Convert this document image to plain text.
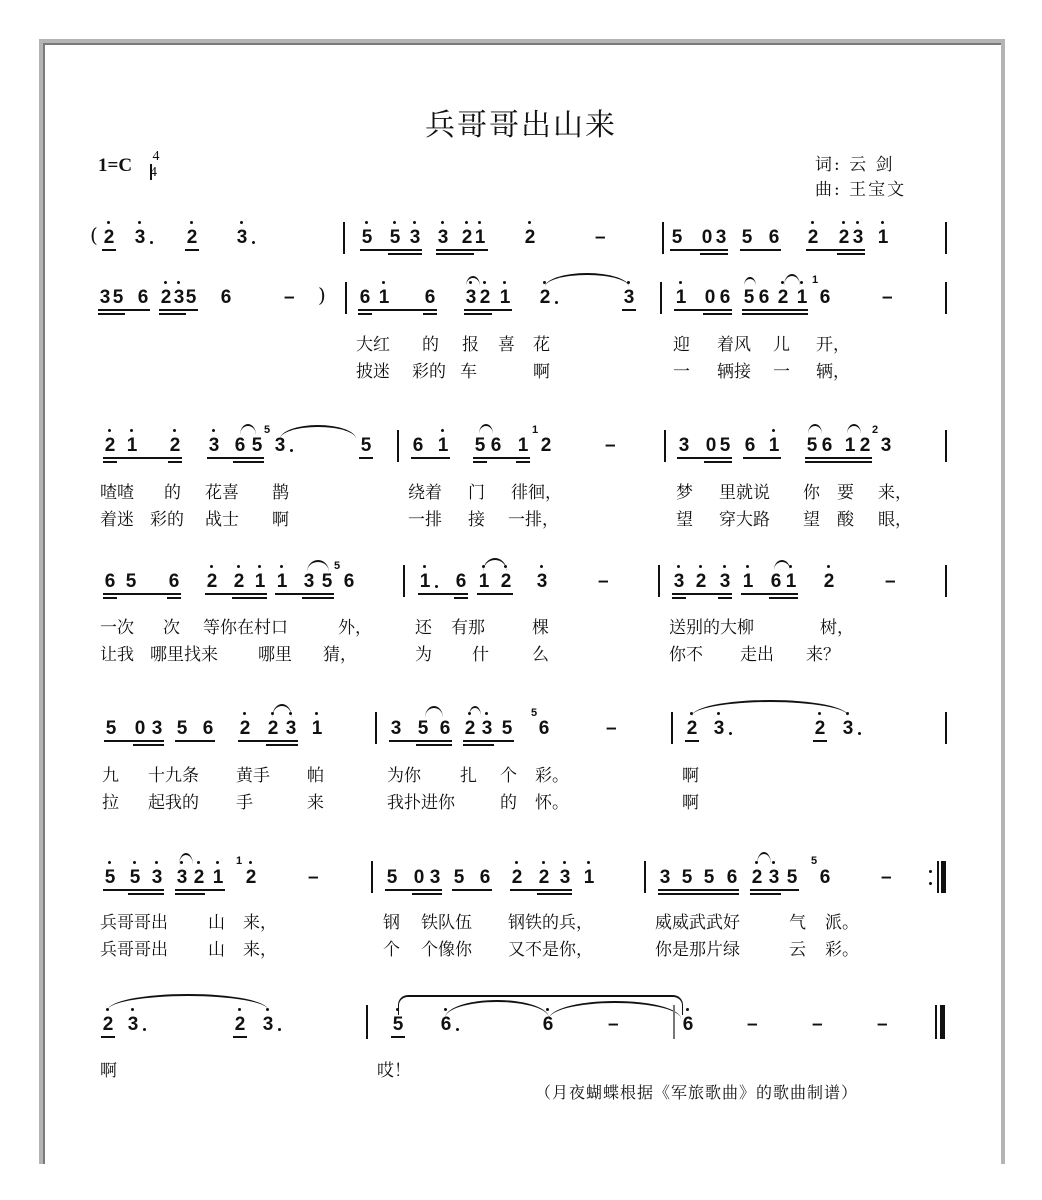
兵哥哥出山来
1=C 4
4	词: 云 剑
曲: 王宝文
( 2 3 2 3	5 5 3 3 2 1 2	–	5 0 3 5 6 2 2 3 1
3 5 6 2 3 5 6	– ) 6 1 6 3 2 1 2	3 1 0 6 5 6 2 1
1
6	–
大红 的 报 喜 花	迎 着风 儿 开，
披迷 彩的 车	啊	一 辆接 一 辆，
2 1 2 3 6 5
5
3	5 6 1 5 6 1
1
2	–	3 0 5 6 1 5 6 1 2
2
3
喳喳 的 花喜 鹊	绕着 门 徘徊，	梦 里就说 你 要 来，
着迷 彩的 战士 啊	一排 接 一排，	望 穿大路 望 酸 眼，
6 5 6 2 2 1 1 3 5
5
6	1 6 1 2 3	–	3 2 3 1 6 1 2	–
一次 次 等你在村口	外，	还 有那	棵	送别的大柳	树，
让我 哪里找来 哪里 猜，	为 什	么	你不 走出 来？
5 0 3 5 6 2 2 3 1	3 5 6 2 3 5
5
6	–	2 3	2 3
九 十九条 黄手 帕	为你 扎 个 彩。	啊
拉 起我的 手	来	我扑进你	的 怀。	啊
5 5 3 3 2 1
1
2	–	5 0 3 5 6 2 2 3 1	3 5 5 6 2 3 5
5
6	–
兵哥哥出 山 来，	钢 铁队伍 钢铁的兵，	威威武武好	气 派。
兵哥哥出 山 来，	个 个像你 又不是你，	你是那片绿	云 彩。
2 3	2 3	5 6	6	–	6	–	–	–
啊	哎！
（月夜蝴蝶根据《军旅歌曲》的歌曲制谱）
